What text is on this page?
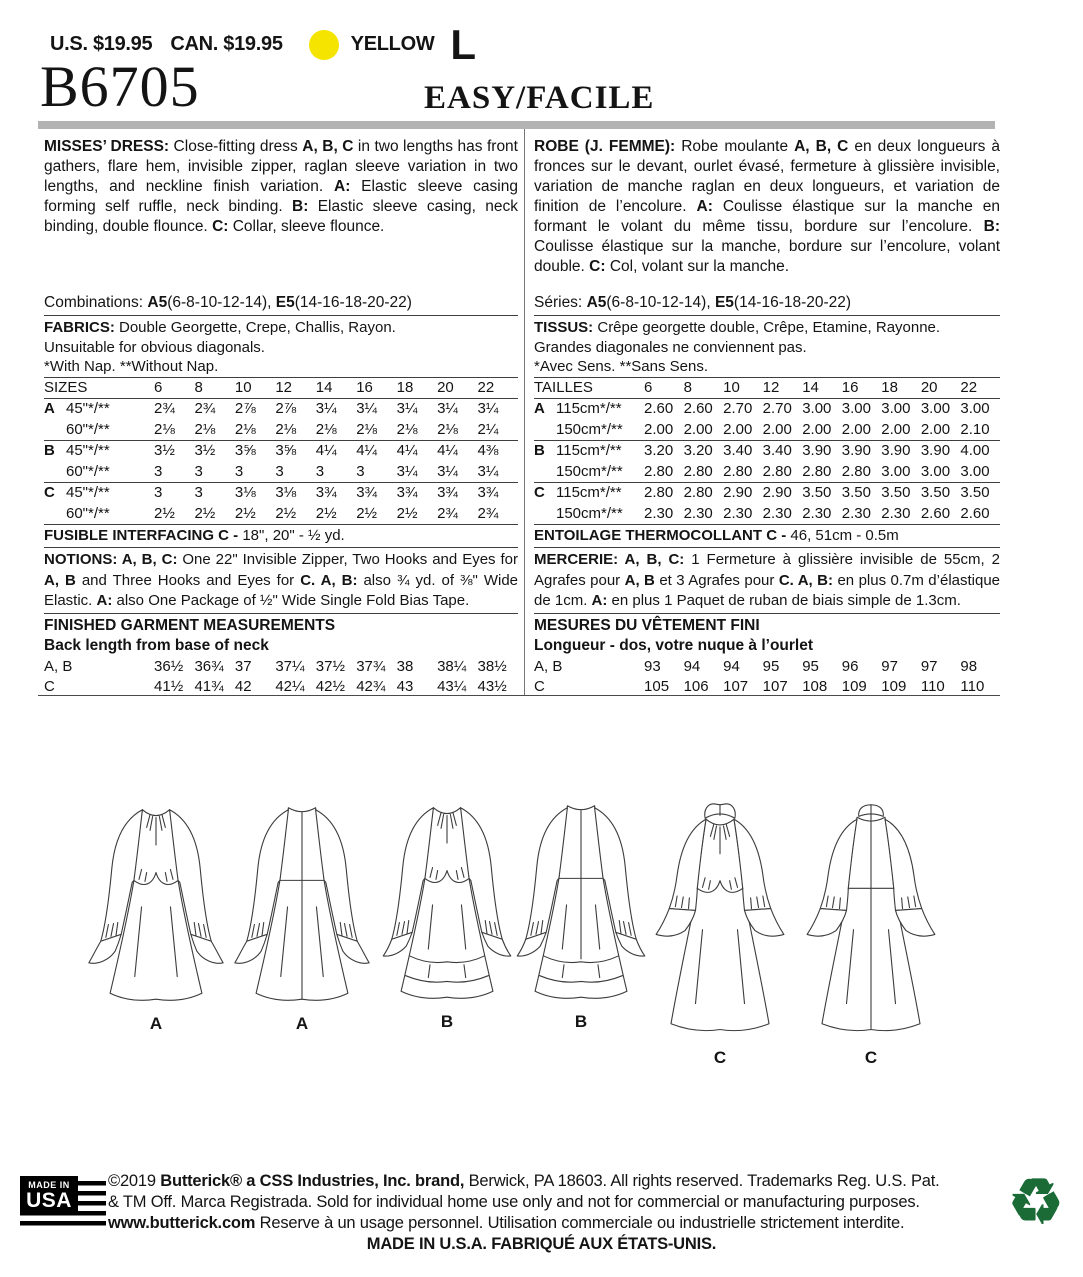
U.S. $19.95 CAN. $19.95	YELLOW L
B6705	EASY/FACILE

MISSES’ DRESS: Close-fitting dress A, B, C in two lengths has front gathers, flare hem, invisible zipper, raglan sleeve variation in two lengths, and neckline finish variation. A: Elastic sleeve casing forming self ruffle, neck binding. B: Elastic sleeve casing, neck binding, double flounce. C: Collar, sleeve flounce.

Combinations: A5(6-8-10-12-14), E5(14-16-18-20-22)

FABRICS: Double Georgette, Crepe, Challis, Rayon.
Unsuitable for obvious diagonals.
*With Nap. **Without Nap.
SIZES		6	8	10	12	14	16	18	20	22
A	45"*/**	2¾	2¾	2⅞	2⅞	3¼	3¼	3¼	3¼	3¼
	60"*/**	2⅛	2⅛	2⅛	2⅛	2⅛	2⅛	2⅛	2⅛	2¼
B	45"*/**	3½	3½	3⅝	3⅝	4¼	4¼	4¼	4¼	4⅜
	60"*/**	3	3	3	3	3	3	3¼	3¼	3¼
C	45"*/**	3	3	3⅛	3⅛	3¾	3¾	3¾	3¾	3¾
	60"*/**	2½	2½	2½	2½	2½	2½	2½	2¾	2¾
FUSIBLE INTERFACING C - 18", 20" - ½ yd.

NOTIONS: A, B, C: One 22" Invisible Zipper, Two Hooks and Eyes for A, B and Three Hooks and Eyes for C. A, B: also ¾ yd. of ⅜" Wide Elastic. A: also One Package of ½" Wide Single Fold Bias Tape.

FINISHED GARMENT MEASUREMENTS
Back length from base of neck
A, B	36½	36¾	37	37¼	37½	37¾	38	38¼	38½
C	41½	41¾	42	42¼	42½	42¾	43	43¼	43½

ROBE (J. FEMME): Robe moulante A, B, C en deux longueurs à fronces sur le devant, ourlet évasé, fermeture à glissière invisible, variation de manche raglan en deux longueurs, et variation de finition de l’encolure. A: Coulisse élastique sur la manche en formant le volant du même tissu, bordure sur l’encolure. B: Coulisse élastique sur la manche, bordure sur l’encolure, volant double. C: Col, volant sur la manche.

Séries: A5(6-8-10-12-14), E5(14-16-18-20-22)

TISSUS: Crêpe georgette double, Crêpe, Etamine, Rayonne.
Grandes diagonales ne conviennent pas.
*Avec Sens. **Sans Sens.
TAILLES		6	8	10	12	14	16	18	20	22
A	115cm*/**	2.60	2.60	2.70	2.70	3.00	3.00	3.00	3.00	3.00
	150cm*/**	2.00	2.00	2.00	2.00	2.00	2.00	2.00	2.00	2.10
B	115cm*/**	3.20	3.20	3.40	3.40	3.90	3.90	3.90	3.90	4.00
	150cm*/**	2.80	2.80	2.80	2.80	2.80	2.80	3.00	3.00	3.00
C	115cm*/**	2.80	2.80	2.90	2.90	3.50	3.50	3.50	3.50	3.50
	150cm*/**	2.30	2.30	2.30	2.30	2.30	2.30	2.30	2.60	2.60
ENTOILAGE THERMOCOLLANT C - 46, 51cm - 0.5m

MERCERIE: A, B, C: 1 Fermeture à glissière invisible de 55cm, 2 Agrafes pour A, B et 3 Agrafes pour C. A, B: en plus 0.7m d’élastique de 1cm. A: en plus 1 Paquet de ruban de biais simple de 1.3cm.

MESURES DU VÊTEMENT FINI
Longueur - dos, votre nuque à l’ourlet
A, B	93	94	94	95	95	96	97	97	98
C	105	106	107	107	108	109	109	110	110
A	A	B	B
C	C
MADE IN
USA
©2019 Butterick® a CSS Industries, Inc. brand, Berwick, PA 18603. All rights reserved. Trademarks Reg. U.S. Pat.
& TM Off. Marca Registrada. Sold for individual home use only and not for commercial or manufacturing purposes.
www.butterick.com Reserve à un usage personnel. Utilisation commerciale ou industrielle strictement interdite.
MADE IN U.S.A. FABRIQUÉ AUX ÉTATS-UNIS.
♻
